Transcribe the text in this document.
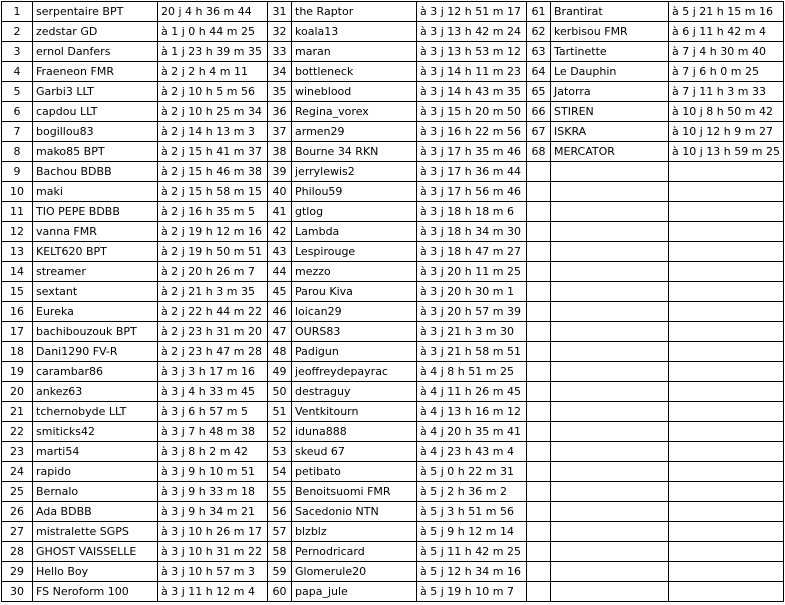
1	serpentaire BPT	20 j 4 h 36 m 44	31	the Raptor	à 3 j 12 h 51 m 17	61	Brantirat	à 5 j 21 h 15 m 16
2	zedstar GD	à 1 j 0 h 44 m 25	32	koala13	à 3 j 13 h 42 m 24	62	kerbisou FMR	à 6 j 11 h 42 m 4
3	ernol Danfers	à 1 j 23 h 39 m 35	33	maran	à 3 j 13 h 53 m 12	63	Tartinette	à 7 j 4 h 30 m 40
4	Fraeneon FMR	à 2 j 2 h 4 m 11	34	bottleneck	à 3 j 14 h 11 m 23	64	Le Dauphin	à 7 j 6 h 0 m 25
5	Garbi3 LLT	à 2 j 10 h 5 m 56	35	wineblood	à 3 j 14 h 43 m 35	65	Jatorra	à 7 j 11 h 3 m 33
6	capdou LLT	à 2 j 10 h 25 m 34	36	Regina_vorex	à 3 j 15 h 20 m 50	66	STIREN	à 10 j 8 h 50 m 42
7	bogillou83	à 2 j 14 h 13 m 3	37	armen29	à 3 j 16 h 22 m 56	67	ISKRA	à 10 j 12 h 9 m 27
8	mako85 BPT	à 2 j 15 h 41 m 37	38	Bourne 34 RKN	à 3 j 17 h 35 m 46	68	MERCATOR	à 10 j 13 h 59 m 25
9	Bachou BDBB	à 2 j 15 h 46 m 38	39	jerrylewis2	à 3 j 17 h 36 m 44			
10	maki	à 2 j 15 h 58 m 15	40	Philou59	à 3 j 17 h 56 m 46			
11	TIO PEPE BDBB	à 2 j 16 h 35 m 5	41	gtlog	à 3 j 18 h 18 m 6			
12	vanna FMR	à 2 j 19 h 12 m 16	42	Lambda	à 3 j 18 h 34 m 30			
13	KELT620 BPT	à 2 j 19 h 50 m 51	43	Lespirouge	à 3 j 18 h 47 m 27			
14	streamer	à 2 j 20 h 26 m 7	44	mezzo	à 3 j 20 h 11 m 25			
15	sextant	à 2 j 21 h 3 m 35	45	Parou Kiva	à 3 j 20 h 30 m 1			
16	Eureka	à 2 j 22 h 44 m 22	46	loican29	à 3 j 20 h 57 m 39			
17	bachibouzouk BPT	à 2 j 23 h 31 m 20	47	OURS83	à 3 j 21 h 3 m 30			
18	Dani1290 FV-R	à 2 j 23 h 47 m 28	48	Padigun	à 3 j 21 h 58 m 51			
19	carambar86	à 3 j 3 h 17 m 16	49	jeoffreydepayrac	à 4 j 8 h 51 m 25			
20	ankez63	à 3 j 4 h 33 m 45	50	destraguy	à 4 j 11 h 26 m 45			
21	tchernobyde LLT	à 3 j 6 h 57 m 5	51	Ventkitourn	à 4 j 13 h 16 m 12			
22	smiticks42	à 3 j 7 h 48 m 38	52	iduna888	à 4 j 20 h 35 m 41			
23	marti54	à 3 j 8 h 2 m 42	53	skeud 67	à 4 j 23 h 43 m 4			
24	rapido	à 3 j 9 h 10 m 51	54	petibato	à 5 j 0 h 22 m 31			
25	Bernalo	à 3 j 9 h 33 m 18	55	Benoitsuomi FMR	à 5 j 2 h 36 m 2			
26	Ada BDBB	à 3 j 9 h 34 m 21	56	Sacedonio NTN	à 5 j 3 h 51 m 56			
27	mistralette SGPS	à 3 j 10 h 26 m 17	57	blzblz	à 5 j 9 h 12 m 14			
28	GHOST VAISSELLE	à 3 j 10 h 31 m 22	58	Pernodricard	à 5 j 11 h 42 m 25			
29	Hello Boy	à 3 j 10 h 57 m 3	59	Glomerule20	à 5 j 12 h 34 m 16			
30	FS Neroform 100	à 3 j 11 h 12 m 4	60	papa_jule	à 5 j 19 h 10 m 7			
